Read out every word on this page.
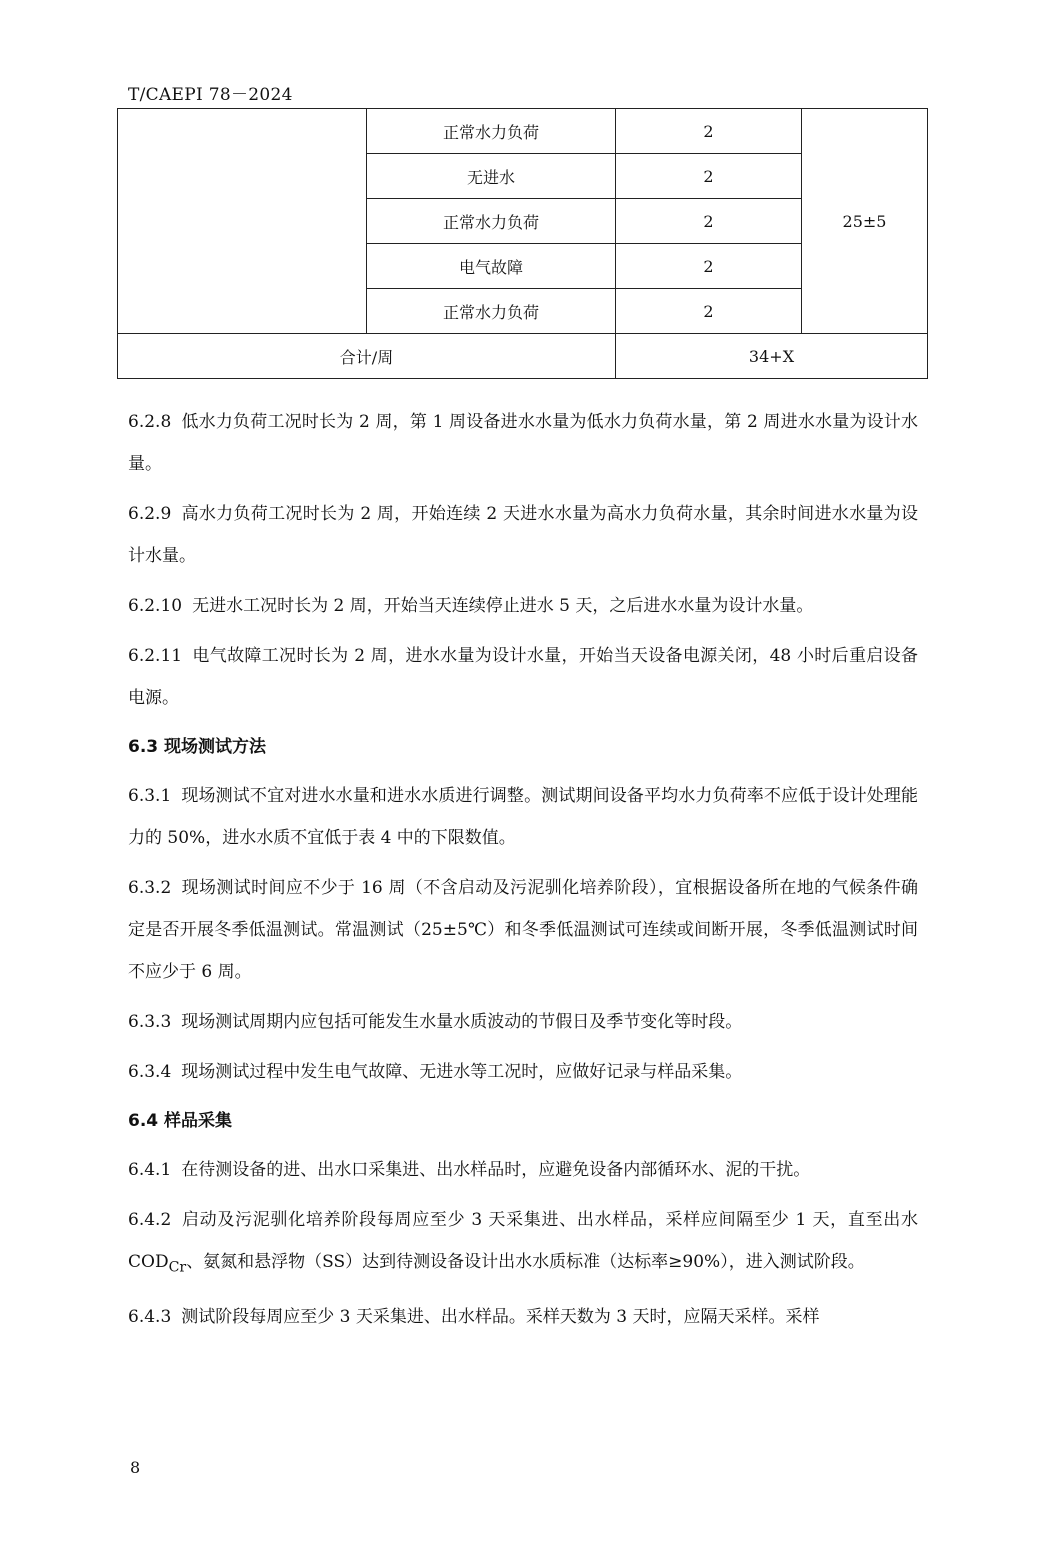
T/CAEPI 78－2024
	正常水力负荷	2	25±5
	无进水	2	
	正常水力负荷	2	
	电气故障	2	
	正常水力负荷	2	
合计/周		34+X	

6.2.8 低水力负荷工况时长为 2 周，第 1 周设备进水水量为低水力负荷水量，第 2 周进水水量为设计水量。

6.2.9 高水力负荷工况时长为 2 周，开始连续 2 天进水水量为高水力负荷水量，其余时间进水水量为设计水量。

6.2.10 无进水工况时长为 2 周，开始当天连续停止进水 5 天，之后进水水量为设计水量。

6.2.11 电气故障工况时长为 2 周，进水水量为设计水量，开始当天设备电源关闭，48 小时后重启设备电源。

6.3 现场测试方法

6.3.1 现场测试不宜对进水水量和进水水质进行调整。测试期间设备平均水力负荷率不应低于设计处理能力的 50%，进水水质不宜低于表 4 中的下限数值。

6.3.2 现场测试时间应不少于 16 周（不含启动及污泥驯化培养阶段），宜根据设备所在地的气候条件确定是否开展冬季低温测试。常温测试（25±5℃）和冬季低温测试可连续或间断开展，冬季低温测试时间不应少于 6 周。

6.3.3 现场测试周期内应包括可能发生水量水质波动的节假日及季节变化等时段。

6.3.4 现场测试过程中发生电气故障、无进水等工况时，应做好记录与样品采集。

6.4 样品采集

6.4.1 在待测设备的进、出水口采集进、出水样品时，应避免设备内部循环水、泥的干扰。

6.4.2 启动及污泥驯化培养阶段每周应至少 3 天采集进、出水样品，采样应间隔至少 1 天，直至出水 $COD_{Cr}$、氨氮和悬浮物（SS）达到待测设备设计出水水质标准（达标率≥90%），进入测试阶段。

6.4.3 测试阶段每周应至少 3 天采集进、出水样品。采样天数为 3 天时，应隔天采样。采样

8
